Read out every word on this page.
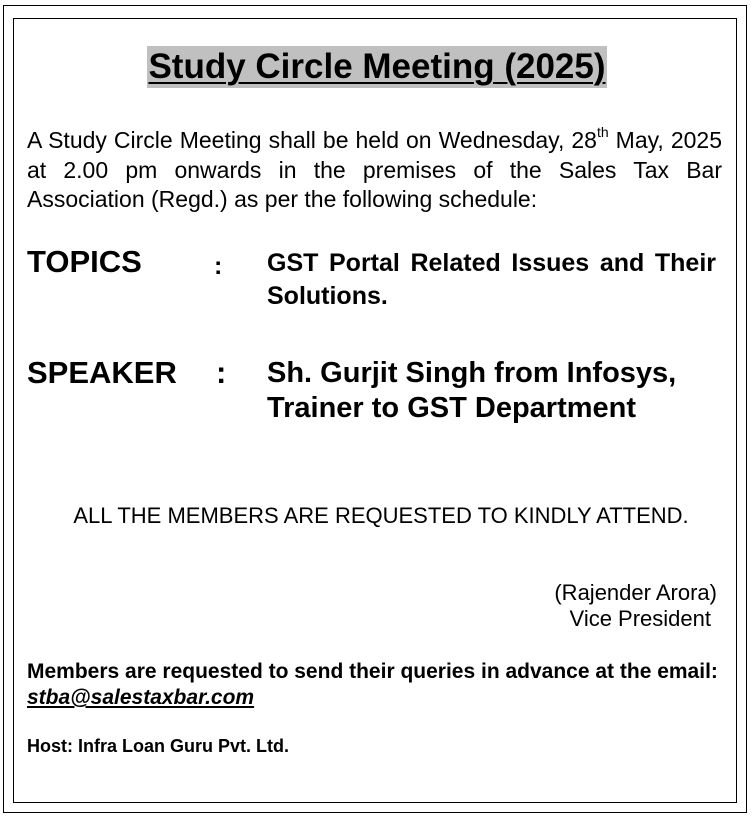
Study Circle Meeting (2025)
A Study Circle Meeting shall be held on Wednesday, 28th May, 2025 at 2.00 pm onwards in the premises of the Sales Tax Bar Association (Regd.) as per the following schedule:
TOPICS	: GST Portal Related Issues and Their Solutions.
SPEAKER : Sh. Gurjit Singh from Infosys,
Trainer to GST Department
ALL THE MEMBERS ARE REQUESTED TO KINDLY ATTEND.
(Rajender Arora)
Vice President
Members are requested to send their queries in advance at the email: stba@salestaxbar.com
Host: Infra Loan Guru Pvt. Ltd.
